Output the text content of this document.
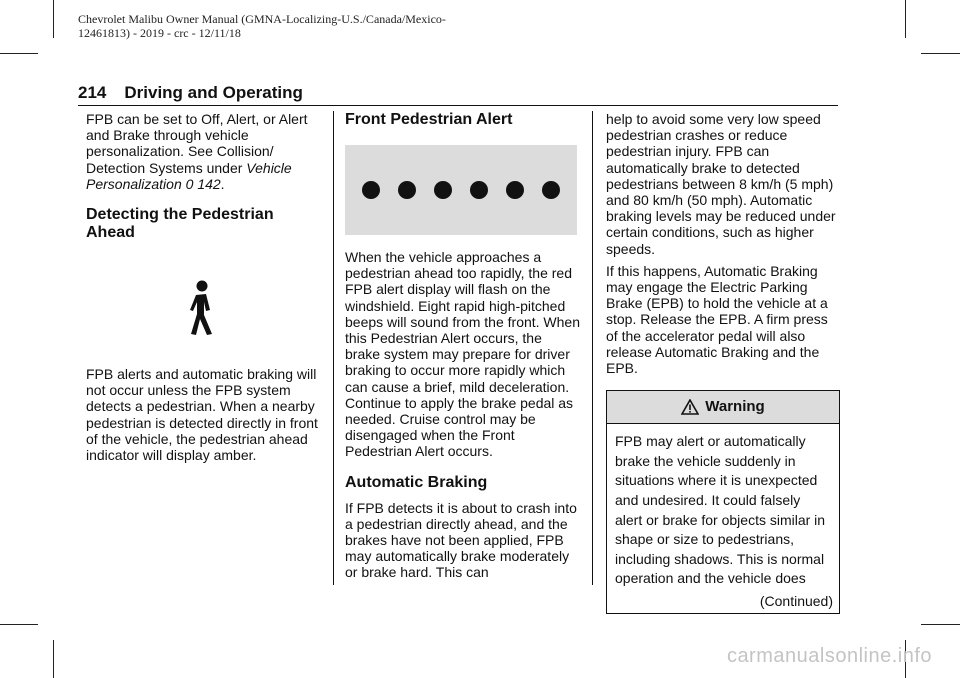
Chevrolet Malibu Owner Manual (GMNA-Localizing-U.S./Canada/Mexico-
12461813) - 2019 - crc - 12/11/18
214 Driving and Operating

FPB can be set to Off, Alert, or Alert and Brake through vehicle personalization. See Collision/ Detection Systems under Vehicle Personalization 0 142.

Detecting the Pedestrian Ahead

FPB alerts and automatic braking will not occur unless the FPB system detects a pedestrian. When a nearby pedestrian is detected directly in front of the vehicle, the pedestrian ahead indicator will display amber.

Front Pedestrian Alert

When the vehicle approaches a pedestrian ahead too rapidly, the red FPB alert display will flash on the windshield. Eight rapid high-pitched beeps will sound from the front. When this Pedestrian Alert occurs, the brake system may prepare for driver braking to occur more rapidly which can cause a brief, mild deceleration. Continue to apply the brake pedal as needed. Cruise control may be disengaged when the Front Pedestrian Alert occurs.

Automatic Braking

If FPB detects it is about to crash into a pedestrian directly ahead, and the brakes have not been applied, FPB may automatically brake moderately or brake hard. This can

help to avoid some very low speed pedestrian crashes or reduce pedestrian injury. FPB can automatically brake to detected pedestrians between 8 km/h (5 mph) and 80 km/h (50 mph). Automatic braking levels may be reduced under certain conditions, such as higher speeds.

If this happens, Automatic Braking may engage the Electric Parking Brake (EPB) to hold the vehicle at a stop. Release the EPB. A firm press of the accelerator pedal will also release Automatic Braking and the EPB.

Warning
FPB may alert or automatically brake the vehicle suddenly in situations where it is unexpected and undesired. It could falsely alert or brake for objects similar in shape or size to pedestrians, including shadows. This is normal operation and the vehicle does
(Continued)
carmanualsonline.info
